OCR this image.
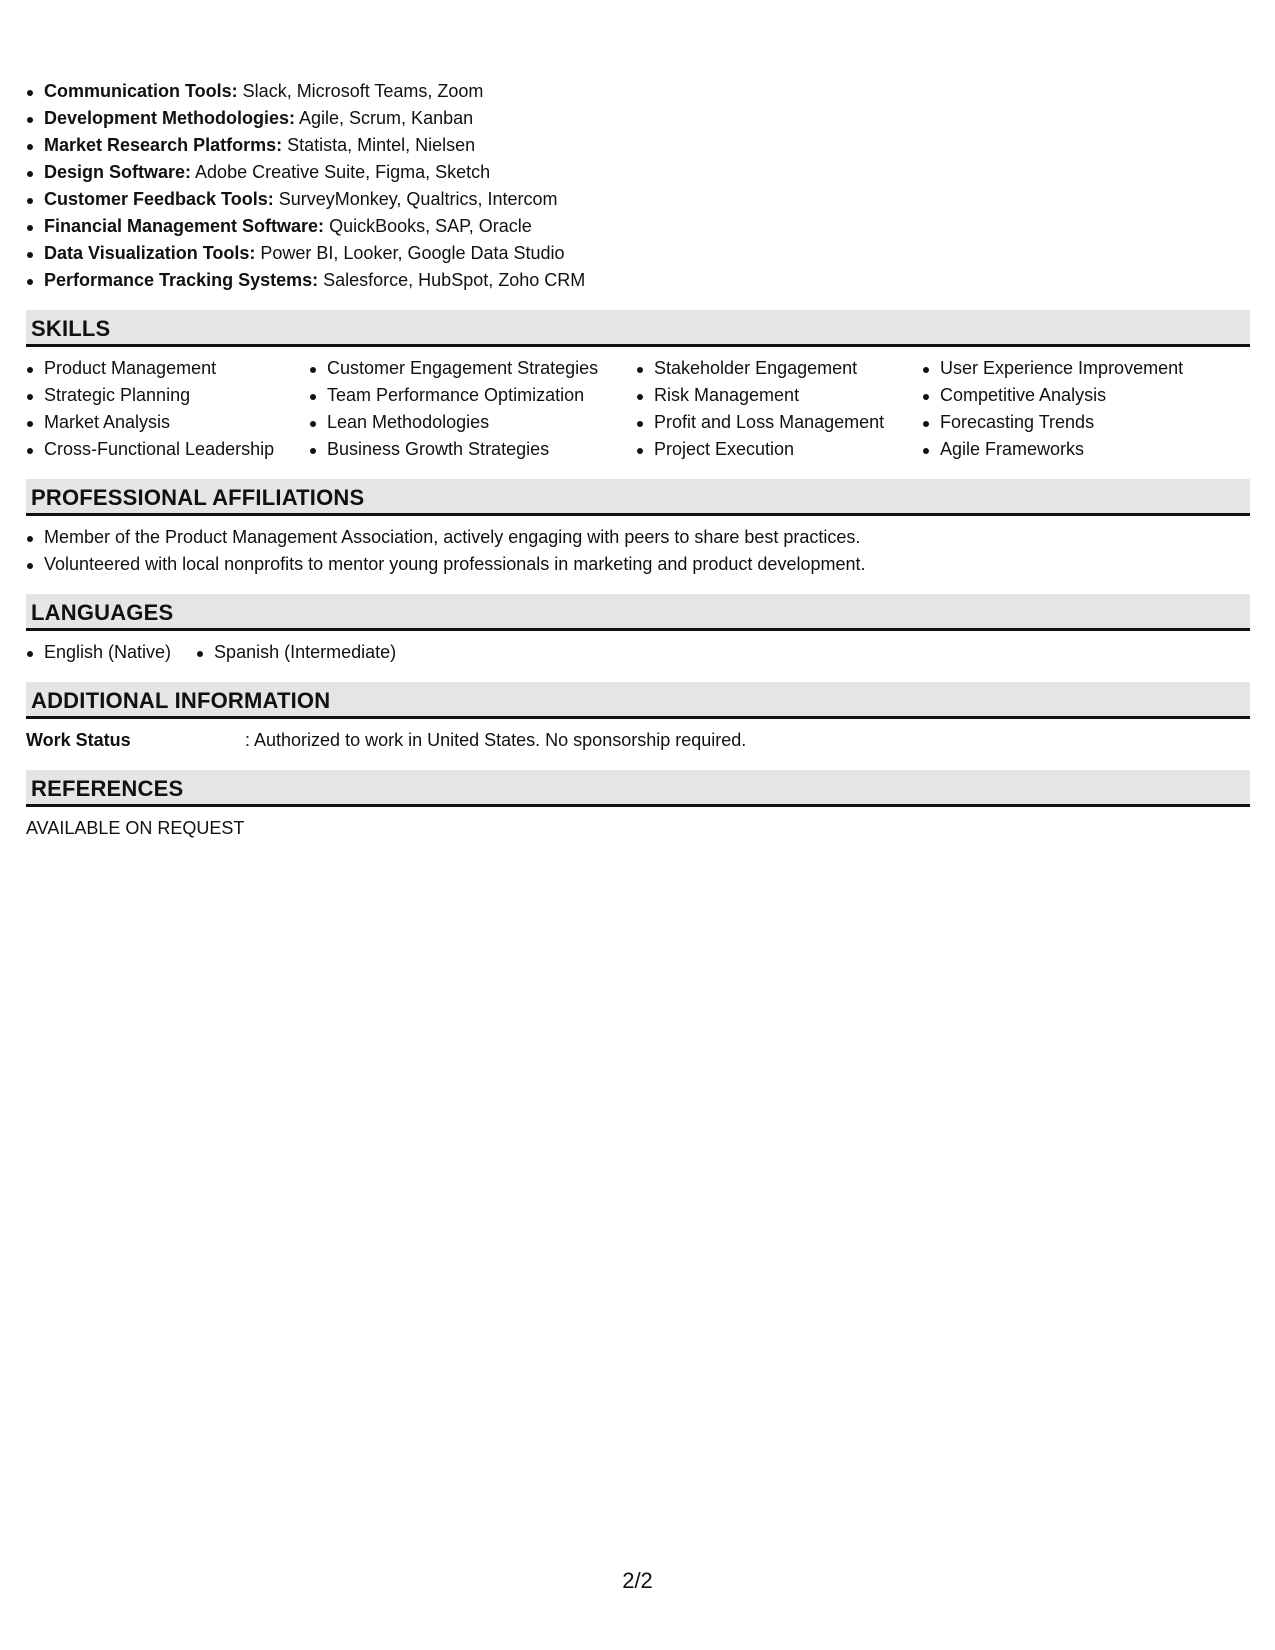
Communication Tools: Slack, Microsoft Teams, Zoom
Development Methodologies: Agile, Scrum, Kanban
Market Research Platforms: Statista, Mintel, Nielsen
Design Software: Adobe Creative Suite, Figma, Sketch
Customer Feedback Tools: SurveyMonkey, Qualtrics, Intercom
Financial Management Software: QuickBooks, SAP, Oracle
Data Visualization Tools: Power BI, Looker, Google Data Studio
Performance Tracking Systems: Salesforce, HubSpot, Zoho CRM
SKILLS
Product Management
Strategic Planning
Market Analysis
Cross-Functional Leadership
Customer Engagement Strategies
Team Performance Optimization
Lean Methodologies
Business Growth Strategies
Stakeholder Engagement
Risk Management
Profit and Loss Management
Project Execution
User Experience Improvement
Competitive Analysis
Forecasting Trends
Agile Frameworks
PROFESSIONAL AFFILIATIONS
Member of the Product Management Association, actively engaging with peers to share best practices.
Volunteered with local nonprofits to mentor young professionals in marketing and product development.
LANGUAGES
English (Native)	Spanish (Intermediate)
ADDITIONAL INFORMATION
Work Status	: Authorized to work in United States. No sponsorship required.
REFERENCES
AVAILABLE ON REQUEST
2/2
